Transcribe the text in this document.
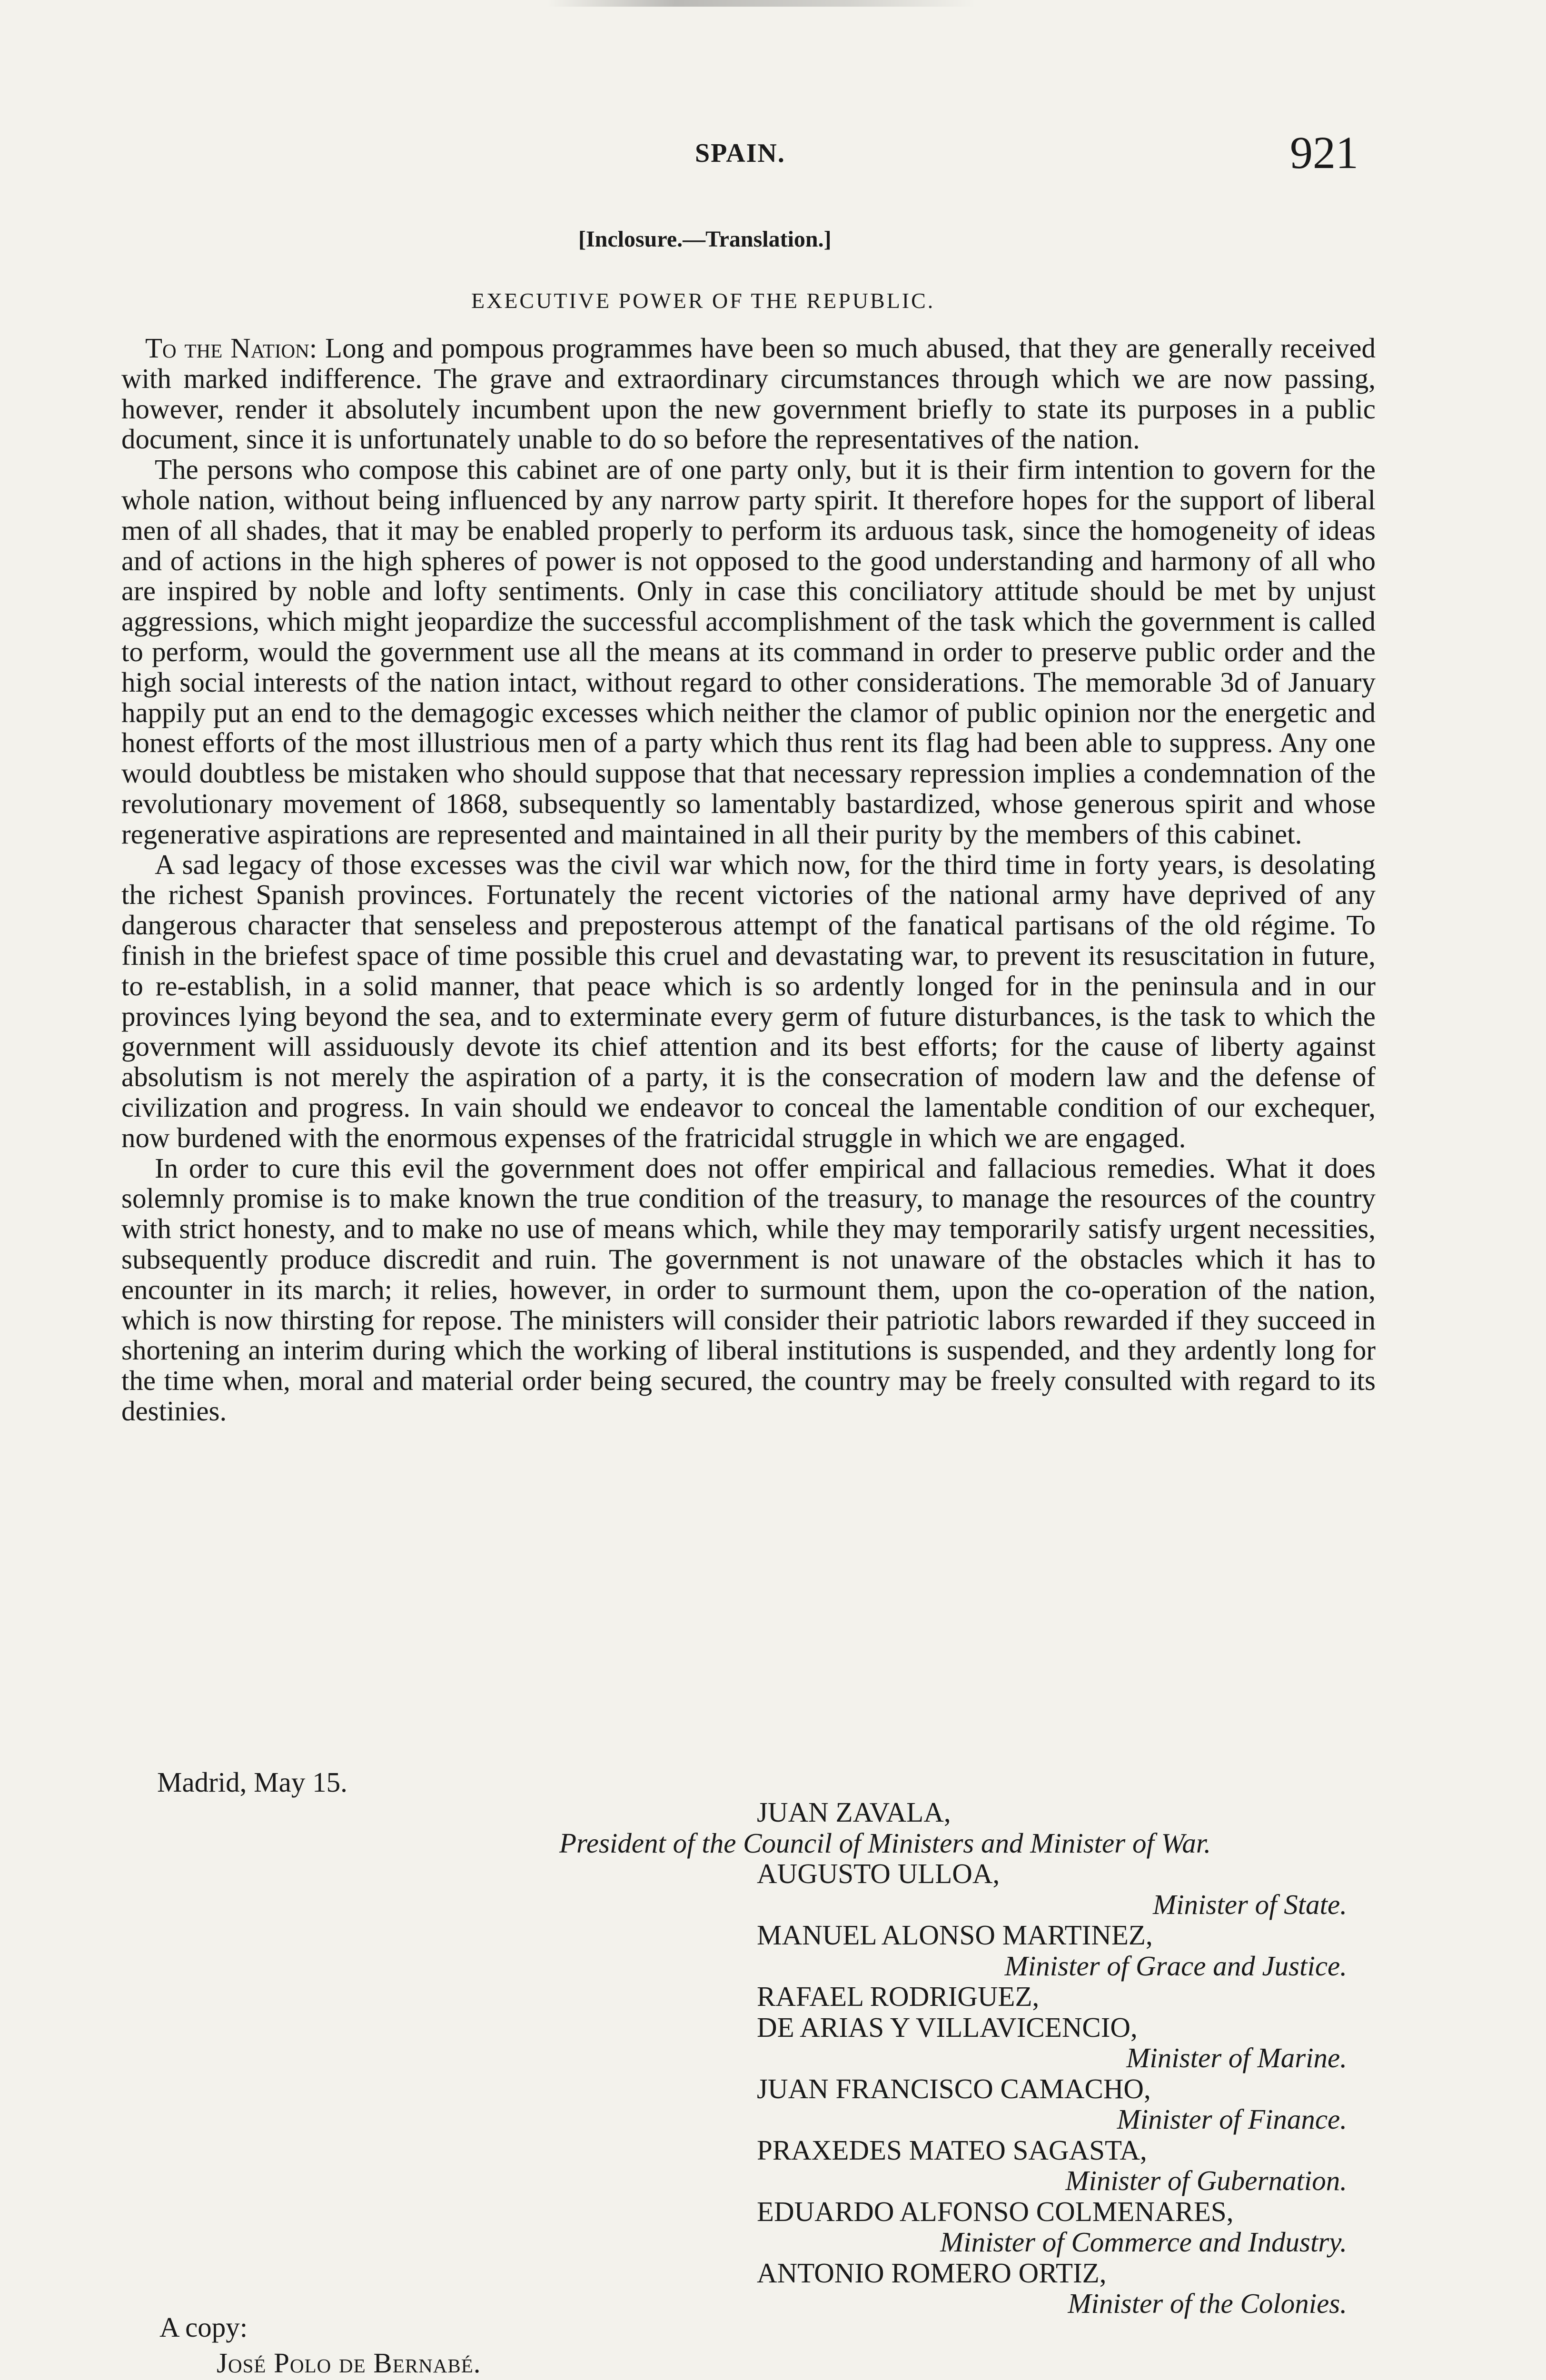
SPAIN.	921
[Inclosure.—Translation.]
EXECUTIVE POWER OF THE REPUBLIC.

To the Nation: Long and pompous programmes have been so much abused, that they are generally received with marked indifference. The grave and extraordinary circumstances through which we are now passing, however, render it absolutely incumbent upon the new government briefly to state its purposes in a public document, since it is unfortunately unable to do so before the representatives of the nation.

The persons who compose this cabinet are of one party only, but it is their firm intention to govern for the whole nation, without being influenced by any narrow party spirit. It therefore hopes for the support of liberal men of all shades, that it may be enabled properly to perform its arduous task, since the homogeneity of ideas and of actions in the high spheres of power is not opposed to the good understanding and harmony of all who are inspired by noble and lofty sentiments. Only in case this conciliatory attitude should be met by unjust aggressions, which might jeopardize the successful accomplishment of the task which the government is called to perform, would the government use all the means at its command in order to preserve public order and the high social interests of the nation intact, without regard to other considerations. The memorable 3d of January happily put an end to the demagogic excesses which neither the clamor of public opinion nor the energetic and honest efforts of the most illustrious men of a party which thus rent its flag had been able to suppress. Any one would doubtless be mistaken who should suppose that that necessary repression implies a condemnation of the revolutionary movement of 1868, subsequently so lamentably bastardized, whose generous spirit and whose regenerative aspirations are represented and maintained in all their purity by the members of this cabinet.

A sad legacy of those excesses was the civil war which now, for the third time in forty years, is desolating the richest Spanish provinces. Fortunately the recent victories of the national army have deprived of any dangerous character that senseless and preposterous attempt of the fanatical partisans of the old régime. To finish in the briefest space of time possible this cruel and devastating war, to prevent its resuscitation in future, to re-establish, in a solid manner, that peace which is so ardently longed for in the peninsula and in our provinces lying beyond the sea, and to exterminate every germ of future disturbances, is the task to which the government will assiduously devote its chief attention and its best efforts; for the cause of liberty against absolutism is not merely the aspiration of a party, it is the consecration of modern law and the defense of civilization and progress. In vain should we endeavor to conceal the lamentable condition of our exchequer, now burdened with the enormous expenses of the fratricidal struggle in which we are engaged.

In order to cure this evil the government does not offer empirical and fallacious remedies. What it does solemnly promise is to make known the true condition of the treasury, to manage the resources of the country with strict honesty, and to make no use of means which, while they may temporarily satisfy urgent necessities, subsequently produce discredit and ruin. The government is not unaware of the obstacles which it has to encounter in its march; it relies, however, in order to surmount them, upon the co-operation of the nation, which is now thirsting for repose. The ministers will consider their patriotic labors rewarded if they succeed in shortening an interim during which the working of liberal institutions is suspended, and they ardently long for the time when, moral and material order being secured, the country may be freely consulted with regard to its destinies.

Madrid, May 15.
JUAN ZAVALA,
President of the Council of Ministers and Minister of War.
AUGUSTO ULLOA,
Minister of State.
MANUEL ALONSO MARTINEZ,
Minister of Grace and Justice.
RAFAEL RODRIGUEZ,
DE ARIAS Y VILLAVICENCIO,
Minister of Marine.
JUAN FRANCISCO CAMACHO,
Minister of Finance.
PRAXEDES MATEO SAGASTA,
Minister of Gubernation.
EDUARDO ALFONSO COLMENARES,
Minister of Commerce and Industry.
ANTONIO ROMERO ORTIZ,
Minister of the Colonies.
A copy:
José Polo de Bernabé.
